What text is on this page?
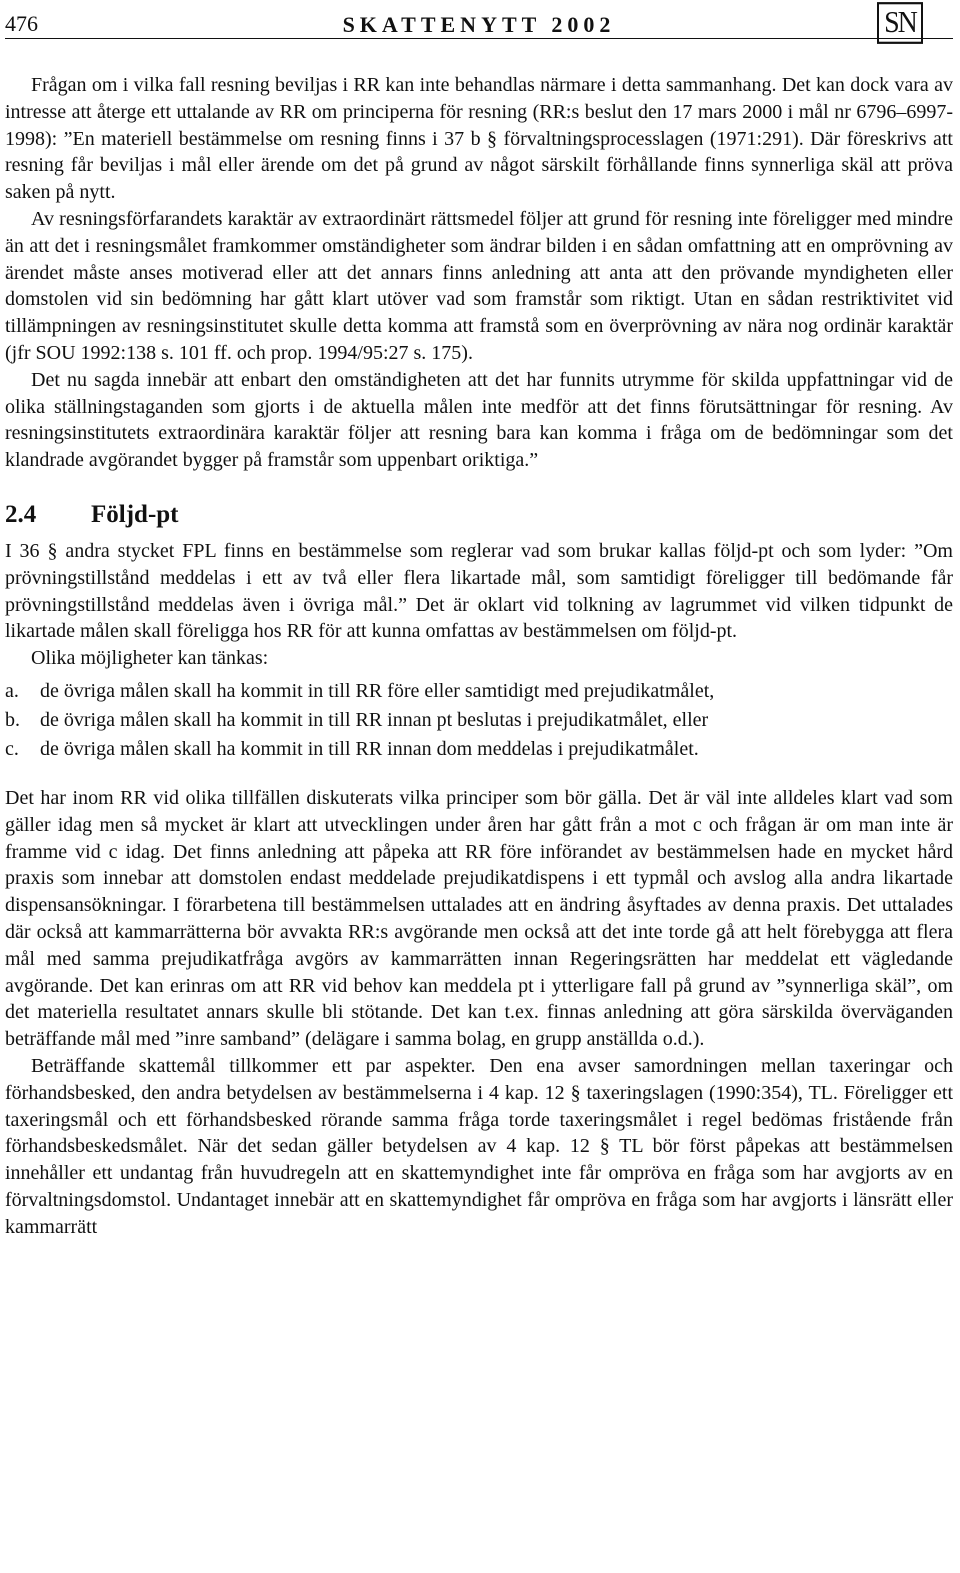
476	SKATTENYTT 2002	SN

Frågan om i vilka fall resning beviljas i RR kan inte behandlas närmare i detta sammanhang. Det kan dock vara av intresse att återge ett uttalande av RR om principerna för resning (RR:s beslut den 17 mars 2000 i mål nr 6796–6997-1998): ”En materiell bestämmelse om resning finns i 37 b § förvaltningsprocesslagen (1971:291). Där föreskrivs att resning får beviljas i mål eller ärende om det på grund av något särskilt förhållande finns synnerliga skäl att pröva saken på nytt.

Av resningsförfarandets karaktär av extraordinärt rättsmedel följer att grund för resning inte föreligger med mindre än att det i resningsmålet framkommer omständigheter som ändrar bilden i en sådan omfattning att en omprövning av ärendet måste anses motiverad eller att det annars finns anledning att anta att den prövande myndigheten eller domstolen vid sin bedömning har gått klart utöver vad som framstår som riktigt. Utan en sådan restriktivitet vid tillämpningen av resningsinstitutet skulle detta komma att framstå som en överprövning av nära nog ordinär karaktär (jfr SOU 1992:138 s. 101 ff. och prop. 1994/95:27 s. 175).

Det nu sagda innebär att enbart den omständigheten att det har funnits utrymme för skilda uppfattningar vid de olika ställningstaganden som gjorts i de aktuella målen inte medför att det finns förutsättningar för resning. Av resningsinstitutets extraordinära karaktär följer att resning bara kan komma i fråga om de bedömningar som det klandrade avgörandet bygger på framstår som uppenbart oriktiga.”

2.4 Följd-pt

I 36 § andra stycket FPL finns en bestämmelse som reglerar vad som brukar kallas följd-pt och som lyder: ”Om prövningstillstånd meddelas i ett av två eller flera likartade mål, som samtidigt föreligger till bedömande får prövningstillstånd meddelas även i övriga mål.” Det är oklart vid tolkning av lagrummet vid vilken tidpunkt de likartade målen skall föreligga hos RR för att kunna omfattas av bestämmelsen om följd-pt.

Olika möjligheter kan tänkas:

a. de övriga målen skall ha kommit in till RR före eller samtidigt med prejudikatmålet,
b. de övriga målen skall ha kommit in till RR innan pt beslutas i prejudikatmålet, eller
c. de övriga målen skall ha kommit in till RR innan dom meddelas i prejudikatmålet.

Det har inom RR vid olika tillfällen diskuterats vilka principer som bör gälla. Det är väl inte alldeles klart vad som gäller idag men så mycket är klart att utvecklingen under åren har gått från a mot c och frågan är om man inte är framme vid c idag. Det finns anledning att påpeka att RR före införandet av bestämmelsen hade en mycket hård praxis som innebar att domstolen endast meddelade prejudikatdispens i ett typmål och avslog alla andra likartade dispensansökningar. I förarbetena till bestämmelsen uttalades att en ändring åsyftades av denna praxis. Det uttalades där också att kammarrätterna bör avvakta RR:s avgörande men också att det inte torde gå att helt förebygga att flera mål med samma prejudikatfråga avgörs av kammarrätten innan Regeringsrätten har meddelat ett vägledande avgörande. Det kan erinras om att RR vid behov kan meddela pt i ytterligare fall på grund av ”synnerliga skäl”, om det materiella resultatet annars skulle bli stötande. Det kan t.ex. finnas anledning att göra särskilda överväganden beträffande mål med ”inre samband” (delägare i samma bolag, en grupp anställda o.d.).

Beträffande skattemål tillkommer ett par aspekter. Den ena avser samordningen mellan taxeringar och förhandsbesked, den andra betydelsen av bestämmelserna i 4 kap. 12 § taxeringslagen (1990:354), TL. Föreligger ett taxeringsmål och ett förhandsbesked rörande samma fråga torde taxeringsmålet i regel bedömas fristående från förhandsbeskedsmålet. När det sedan gäller betydelsen av 4 kap. 12 § TL bör först påpekas att bestämmelsen innehåller ett undantag från huvudregeln att en skattemyndighet inte får ompröva en fråga som har avgjorts av en förvaltningsdomstol. Undantaget innebär att en skattemyndighet får ompröva en fråga som har avgjorts i länsrätt eller kammarrätt
